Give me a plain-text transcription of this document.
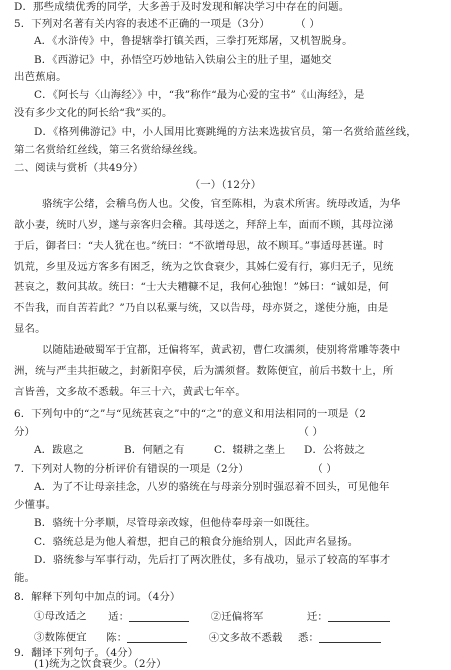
D．那些成绩优秀的同学，大多善于及时发现和解决学习中存在的问题。
5．下列对名著有关内容的表述不正确的一项是（3分） （ ）
A．《水浒传》中，鲁提辖拳打镇关西，三拳打死郑屠，又机智脱身。
B．《西游记》中，孙悟空巧妙地钻入铁扇公主的肚子里，逼她交
出芭蕉扇。
C．《阿长与〈山海经〉》中，“我”称作“最为心爱的宝书”《山海经》，是
没有多少文化的阿长给“我”买的。
D．《格列佛游记》中，小人国用比赛跳绳的方法来选拔官员，第一名赏给蓝丝线，
第二名赏给红丝线，第三名赏给绿丝线。
二、阅读与赏析（共49分）
（一）（12分）
骆统字公绪，会稽乌伤人也。父俊，官至陈相，为袁术所害。统母改适，为华
歆小妻，统时八岁，遂与亲客归会稽。其母送之，拜辞上车，面而不顾，其母泣涕
于后，御者曰：“夫人犹在也。”统曰：“不欲增母思，故不顾耳。”事适母甚谨。时
饥荒，乡里及远方客多有困乏，统为之饮食衰少，其姊仁爱有行，寡归无子，见统
甚哀之，数问其故。统曰：“士大夫糟糠不足，我何心独饱！”姊曰：“诚如是，何
不告我，而自苦若此？”乃自以私粟与统，又以告母，母亦贤之，遂使分施，由是
显名。
以随陆逊破蜀军于宜都，迁偏将军，黄武初，曹仁攻濡须，使别将常雕等袭中
洲，统与严圭共拒破之，封新阳亭侯，后为濡须督。数陈便宜，前后书数十上，所
言皆善，文多故不悉载。年三十六，黄武七年卒。
6．下列句中的“之”与“见统甚哀之”中的“之”的意义和用法相同的一项是（2
分）	（ ）
A．跋扈之	B．何陋之有	C．辍耕之垄上 D．公将鼓之
7．下列对人物的分析评价有错误的一项是（2分）	（ ）
A．为了不让母亲挂念，八岁的骆统在与母亲分别时强忍着不回头，可见他年
少懂事。
B．骆统十分孝顺，尽管母亲改嫁，但他侍奉母亲一如既往。
C．骆统总是为他人着想，把自己的粮食分施给别人，因此声名显扬。
D．骆统参与军事行动，先后打了两次胜仗，多有战功，显示了较高的军事才
能。
8．解释下列句中加点的词。（4分）
①母改适之 适：	②迁偏将军	迁：
③数陈便宜 陈：	④文多故不悉载 悉：
9．翻译下列句子。（4分）
(1)统为之饮食衰少。（2分）
